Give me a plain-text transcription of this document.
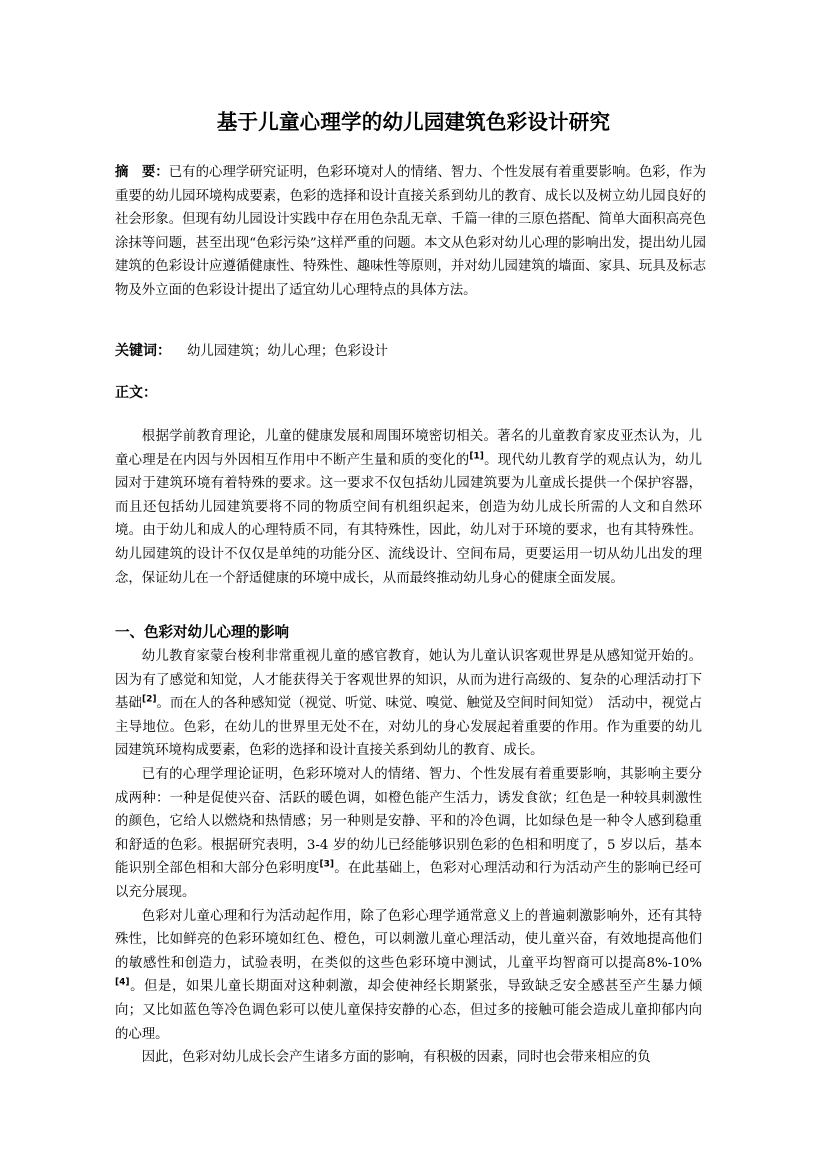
基于儿童心理学的幼儿园建筑色彩设计研究

摘　要：已有的心理学研究证明，色彩环境对人的情绪、智力、个性发展有着重要影响。色彩，作为重要的幼儿园环境构成要素，色彩的选择和设计直接关系到幼儿的教育、成长以及树立幼儿园良好的社会形象。但现有幼儿园设计实践中存在用色杂乱无章、千篇一律的三原色搭配、简单大面积高亮色涂抹等问题，甚至出现“色彩污染”这样严重的问题。本文从色彩对幼儿心理的影响出发，提出幼儿园建筑的色彩设计应遵循健康性、特殊性、趣味性等原则，并对幼儿园建筑的墙面、家具、玩具及标志物及外立面的色彩设计提出了适宜幼儿心理特点的具体方法。

关键词： 幼儿园建筑；幼儿心理；色彩设计

正文：

根据学前教育理论，儿童的健康发展和周围环境密切相关。著名的儿童教育家皮亚杰认为，儿童心理是在内因与外因相互作用中不断产生量和质的变化的[1]。现代幼儿教育学的观点认为，幼儿园对于建筑环境有着特殊的要求。这一要求不仅包括幼儿园建筑要为儿童成长提供一个保护容器，而且还包括幼儿园建筑要将不同的物质空间有机组织起来，创造为幼儿成长所需的人文和自然环境。由于幼儿和成人的心理特质不同，有其特殊性，因此，幼儿对于环境的要求，也有其特殊性。幼儿园建筑的设计不仅仅是单纯的功能分区、流线设计、空间布局，更要运用一切从幼儿出发的理念，保证幼儿在一个舒适健康的环境中成长，从而最终推动幼儿身心的健康全面发展。

一、色彩对幼儿心理的影响

幼儿教育家蒙台梭利非常重视儿童的感官教育，她认为儿童认识客观世界是从感知觉开始的。因为有了感觉和知觉，人才能获得关于客观世界的知识，从而为进行高级的、复杂的心理活动打下基础[2]。而在人的各种感知觉（视觉、听觉、味觉、嗅觉、触觉及空间时间知觉）　活动中，视觉占主导地位。色彩，在幼儿的世界里无处不在，对幼儿的身心发展起着重要的作用。作为重要的幼儿园建筑环境构成要素，色彩的选择和设计直接关系到幼儿的教育、成长。

已有的心理学理论证明，色彩环境对人的情绪、智力、个性发展有着重要影响，其影响主要分成两种：一种是促使兴奋、活跃的暖色调，如橙色能产生活力，诱发食欲；红色是一种较具刺激性的颜色，它给人以燃烧和热情感；另一种则是安静、平和的冷色调，比如绿色是一种令人感到稳重和舒适的色彩。根据研究表明，3-4 岁的幼儿已经能够识别色彩的色相和明度了，5 岁以后，基本能识别全部色相和大部分色彩明度[3]。在此基础上，色彩对心理活动和行为活动产生的影响已经可以充分展现。

色彩对儿童心理和行为活动起作用，除了色彩心理学通常意义上的普遍刺激影响外，还有其特殊性，比如鲜亮的色彩环境如红色、橙色，可以刺激儿童心理活动，使儿童兴奋，有效地提高他们的敏感性和创造力，试验表明，在类似的这些色彩环境中测试，儿童平均智商可以提高8%-10%[4]。但是，如果儿童长期面对这种刺激，却会使神经长期紧张，导致缺乏安全感甚至产生暴力倾向；又比如蓝色等冷色调色彩可以使儿童保持安静的心态，但过多的接触可能会造成儿童抑郁内向的心理。

因此，色彩对幼儿成长会产生诸多方面的影响，有积极的因素，同时也会带来相应的负
